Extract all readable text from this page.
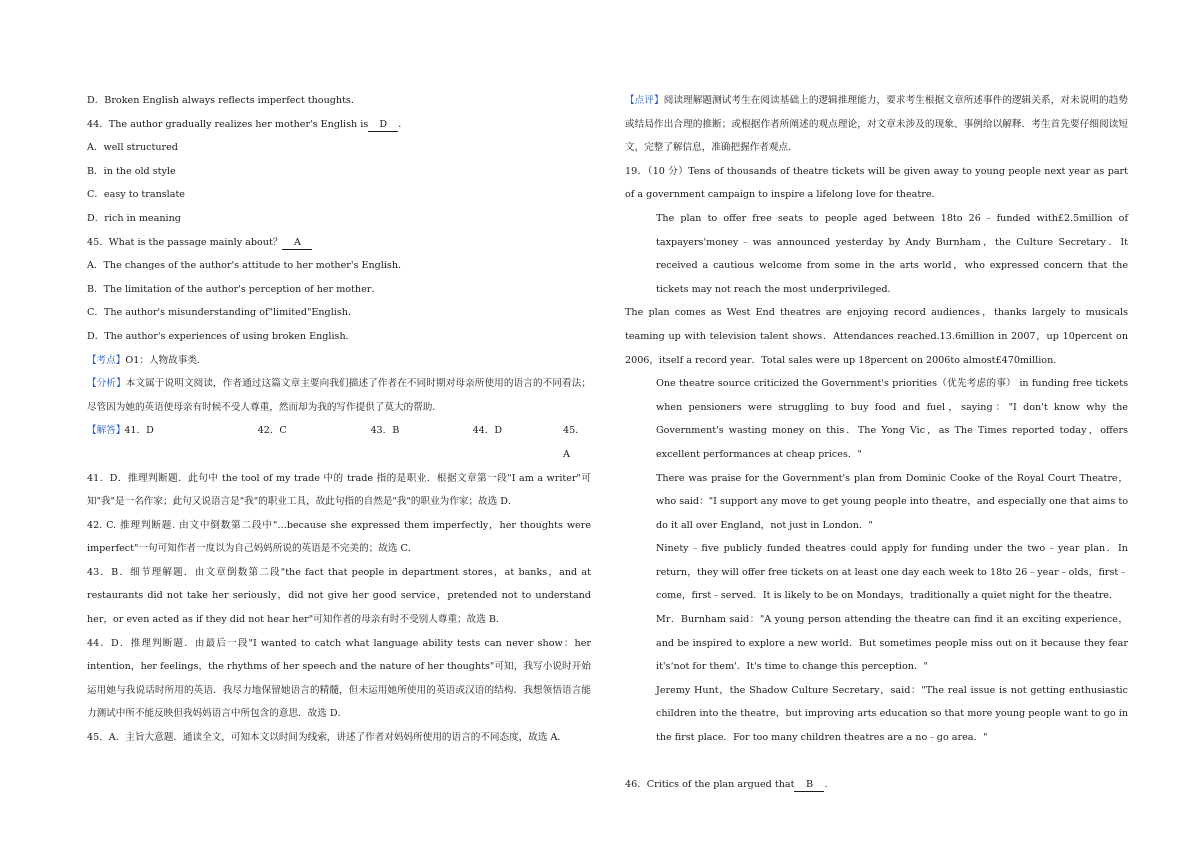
D．Broken English always reflects imperfect thoughts．
44．The author gradually realizes her mother's English is D ．
A．well structured
B．in the old style
C．easy to translate
D．rich in meaning
45．What is the passage mainly about？ A
A．The changes of the author's attitude to her mother's English．
B．The limitation of the author's perception of her mother．
C．The author's misunderstanding of"limited"English．
D．The author's experiences of using broken English．
【考点】O1：人物故事类．
【分析】本文属于说明文阅读，作者通过这篇文章主要向我们描述了作者在不同时期对母亲所使用的语言的不同看法；尽管因为她的英语使母亲有时候不受人尊重，然而却为我的写作提供了莫大的帮助．
【解答】
41．D	42．C	43．B	44．D	45．A
41．D．推理判断题．此句中 the tool of my trade 中的 trade 指的是职业．根据文章第一段"I am a writer"可知"我"是一名作家；此句又说语言是"我"的职业工具，故此句指的自然是"我"的职业为作家；故选 D．
42. C. 推理判断题. 由文中倒数第二段中"…because she expressed them imperfectly，her thoughts were imperfect"一句可知作者一度以为自己妈妈所说的英语是不完美的；故选 C．
43．B．细节理解题．由文章倒数第二段"the fact that people in department stores，at banks，and at restaurants did not take her seriously，did not give her good service，pretended not to understand her，or even acted as if they did not hear her"可知作者的母亲有时不受别人尊重；故选 B．
44．D．推理判断题．由最后一段"I wanted to catch what language ability tests can never show：her intention，her feelings，the rhythms of her speech and the nature of her thoughts"可知，我写小说时开始运用她与我说话时所用的英语．我尽力地保留她语言的精髓，但未运用她所使用的英语或汉语的结构．我想领悟语言能力测试中所不能反映但我妈妈语言中所包含的意思．故选 D．
45．A．主旨大意题．通读全文，可知本文以时间为线索，讲述了作者对妈妈所使用的语言的不同态度，故选 A．
【点评】阅读理解题测试考生在阅读基础上的逻辑推理能力，要求考生根据文章所述事件的逻辑关系，对未说明的趋势或结局作出合理的推断；或根据作者所阐述的观点理论，对文章未涉及的现象、事例给以解释．考生首先要仔细阅读短文，完整了解信息，准确把握作者观点．
19．（10 分）Tens of thousands of theatre tickets will be given away to young people next year as part of a government campaign to inspire a lifelong love for theatre．
The plan to offer free seats to people aged between 18to 26﹣funded with£2.5million of taxpayers'money﹣was announced yesterday by Andy Burnham，the Culture Secretary．It received a cautious welcome from some in the arts world，who expressed concern that the tickets may not reach the most underprivileged．
The plan comes as West End theatres are enjoying record audiences，thanks largely to musicals teaming up with television talent shows．Attendances reached.13.6million in 2007，up 10percent on 2006，itself a record year．Total sales were up 18percent on 2006to almost£470million．
One theatre source criticized the Government's priorities（优先考虑的事） in funding free tickets when pensioners were struggling to buy food and fuel，saying："I don't know why the Government's wasting money on this．The Yong Vic，as The Times reported today，offers excellent performances at cheap prices．"
There was praise for the Government's plan from Dominic Cooke of the Royal Court Theatre，who said："I support any move to get young people into theatre，and especially one that aims to do it all over England，not just in London．"
Ninety﹣five publicly funded theatres could apply for funding under the two﹣year plan．In return，they will offer free tickets on at least one day each week to 18to 26﹣year﹣olds，first﹣come，first﹣served．It is likely to be on Mondays，traditionally a quiet night for the theatre．
Mr．Burnham said："A young person attending the theatre can find it an exciting experience，and be inspired to explore a new world．But sometimes people miss out on it because they fear it's‘not for them'．It's time to change this perception．"
Jeremy Hunt，the Shadow Culture Secretary，said："The real issue is not getting enthusiastic children into the theatre，but improving arts education so that more young people want to go in the first place．For too many children theatres are a no﹣go area．"
46．Critics of the plan argued that B ．
